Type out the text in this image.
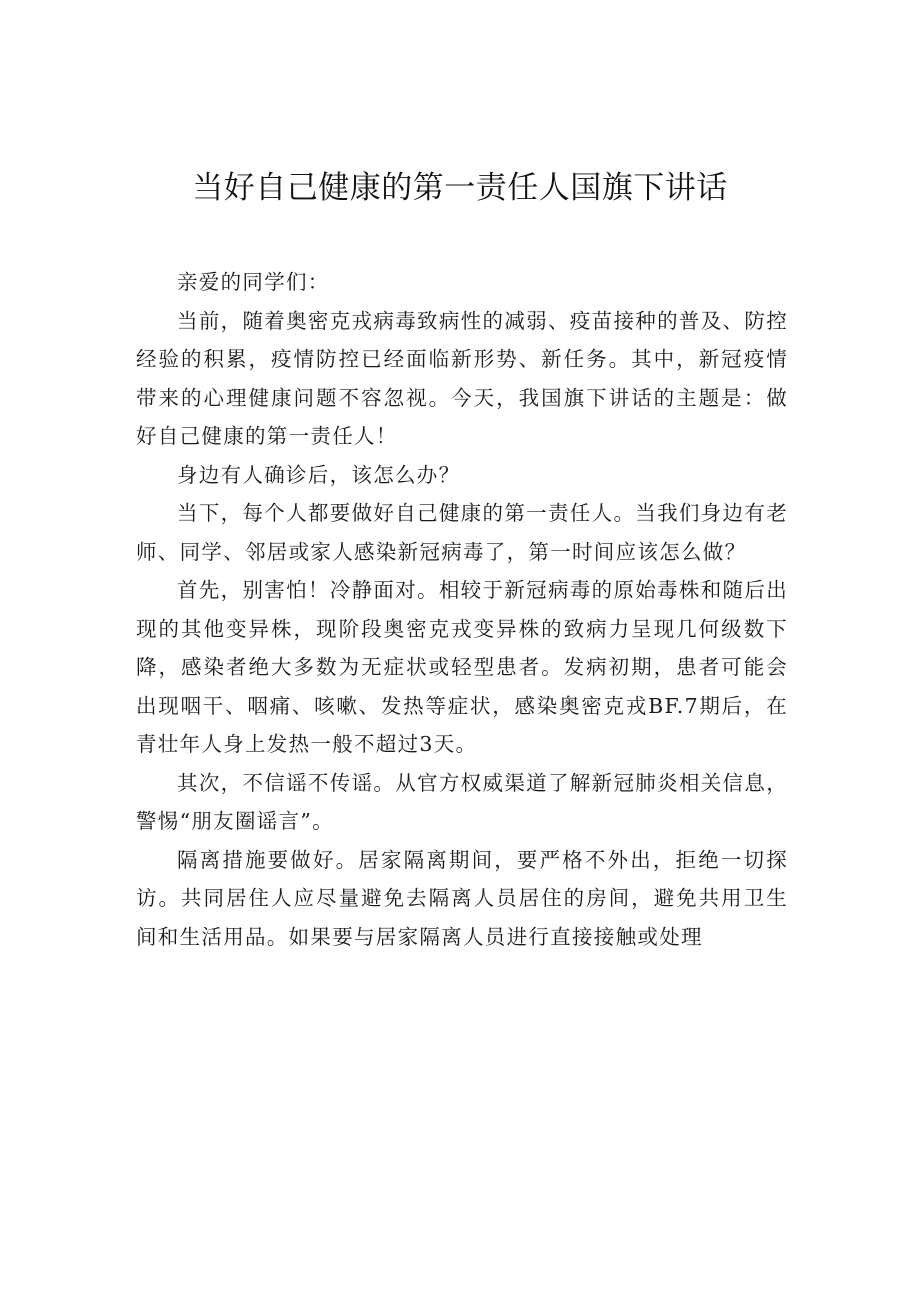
当好自己健康的第一责任人国旗下讲话

亲爱的同学们：

当前，随着奥密克戎病毒致病性的减弱、疫苗接种的普及、防控经验的积累，疫情防控已经面临新形势、新任务。其中，新冠疫情带来的心理健康问题不容忽视。今天，我国旗下讲话的主题是：做好自己健康的第一责任人！

身边有人确诊后，该怎么办？

当下，每个人都要做好自己健康的第一责任人。当我们身边有老师、同学、邻居或家人感染新冠病毒了，第一时间应该怎么做？

首先，别害怕！冷静面对。相较于新冠病毒的原始毒株和随后出现的其他变异株，现阶段奥密克戎变异株的致病力呈现几何级数下降，感染者绝大多数为无症状或轻型患者。发病初期，患者可能会出现咽干、咽痛、咳嗽、发热等症状，感染奥密克戎BF.7期后，在青壮年人身上发热一般不超过3天。

其次，不信谣不传谣。从官方权威渠道了解新冠肺炎相关信息，警惕“朋友圈谣言”。

隔离措施要做好。居家隔离期间，要严格不外出，拒绝一切探访。共同居住人应尽量避免去隔离人员居住的房间，避免共用卫生间和生活用品。如果要与居家隔离人员进行直接接触或处理
